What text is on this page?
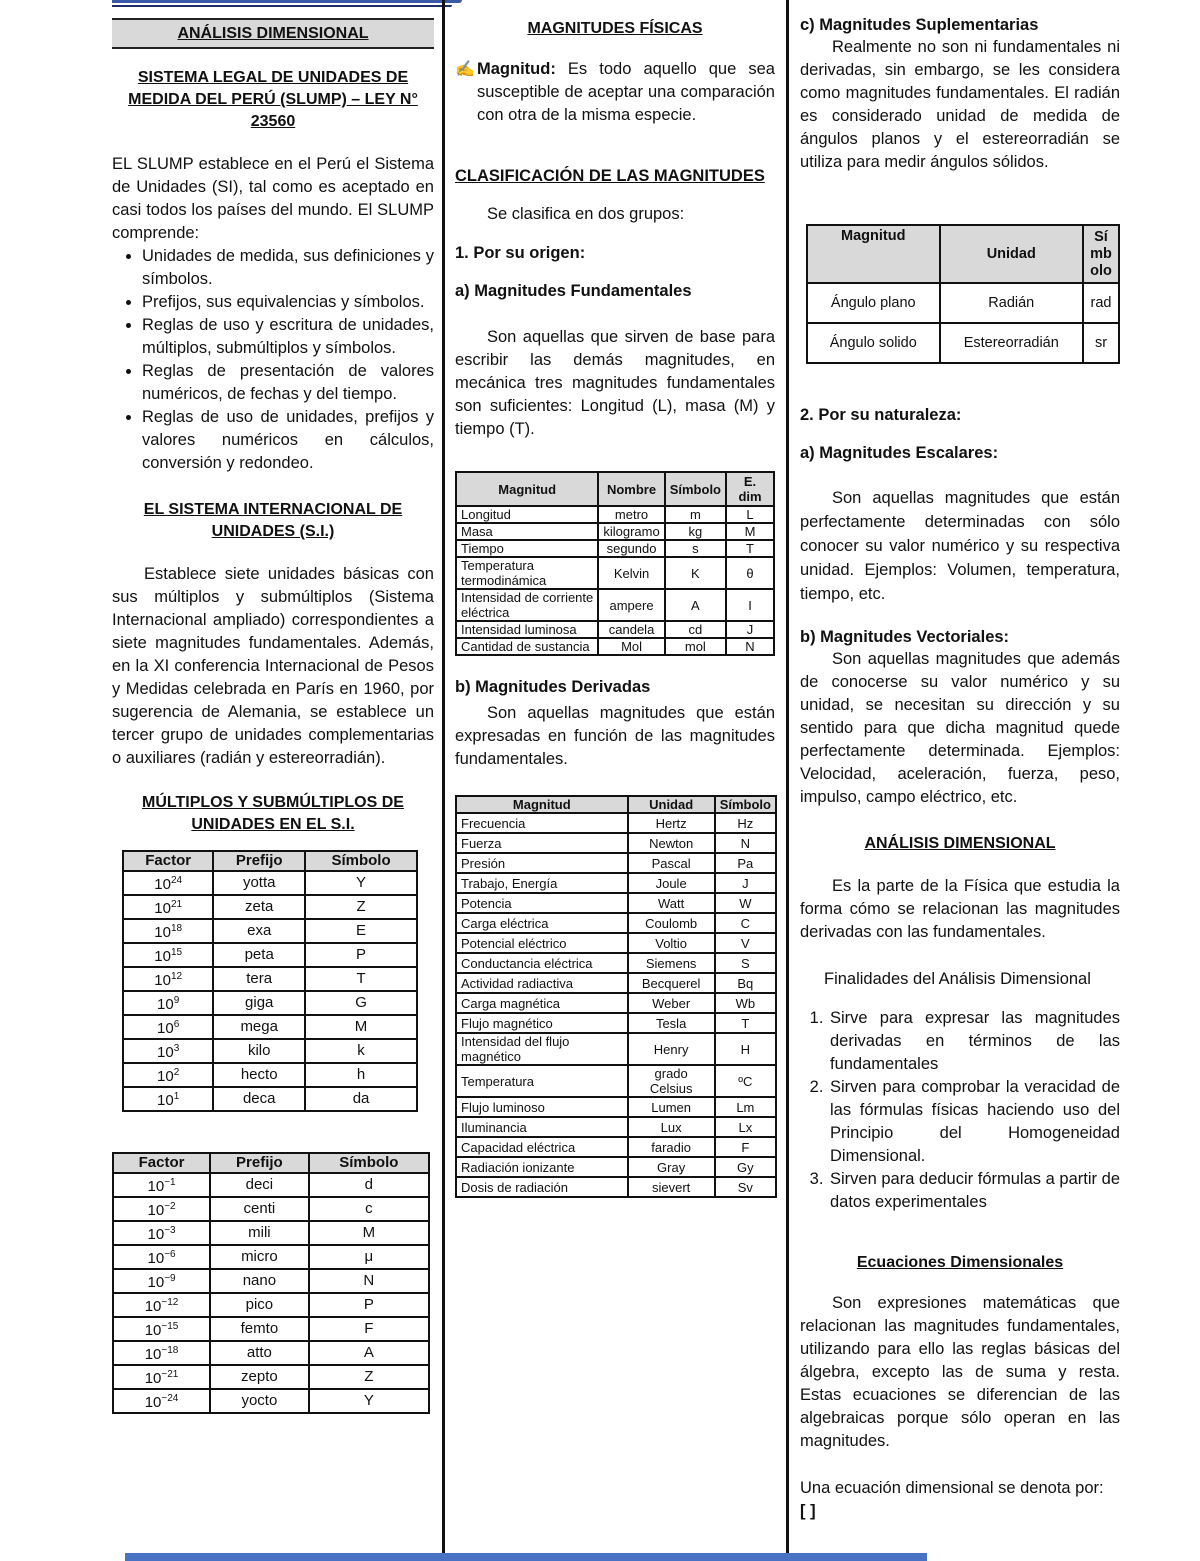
ANÁLISIS DIMENSIONAL
SISTEMA LEGAL DE UNIDADES DE MEDIDA DEL PERÚ (SLUMP) – LEY N° 23560

EL SLUMP establece en el Perú el Sistema de Unidades (SI), tal como es aceptado en casi todos los países del mundo. El SLUMP comprende:

• Unidades de medida, sus definiciones y símbolos.
• Prefijos, sus equivalencias y símbolos.
• Reglas de uso y escritura de unidades, múltiplos, submúltiplos y símbolos.
• Reglas de presentación de valores numéricos, de fechas y del tiempo.
• Reglas de uso de unidades, prefijos y valores numéricos en cálculos, conversión y redondeo.
EL SISTEMA INTERNACIONAL DE UNIDADES (S.I.)

Establece siete unidades básicas con sus múltiplos y submúltiplos (Sistema Internacional ampliado) correspondientes a siete magnitudes fundamentales. Además, en la XI conferencia Internacional de Pesos y Medidas celebrada en París en 1960, por sugerencia de Alemania, se establece un tercer grupo de unidades complementarias o auxiliares (radián y estereorradián).

MÚLTIPLOS Y SUBMÚLTIPLOS DE UNIDADES EN EL S.I.
Factor	Prefijo	Símbolo
$10^{24}$	yotta	Y
$10^{21}$	zeta	Z
$10^{18}$	exa	E
$10^{15}$	peta	P
$10^{12}$	tera	T
$10^9$	giga	G
$10^6$	mega	M
$10^3$	kilo	k
$10^2$	hecto	h
$10^1$	deca	da
Factor	Prefijo	Símbolo
$10^{-1}$	deci	d
$10^{-2}$	centi	c
$10^{-3}$	mili	M
$10^{-6}$	micro	μ
$10^{-9}$	nano	N
$10^{-12}$	pico	P
$10^{-15}$	femto	F
$10^{-18}$	atto	A
$10^{-21}$	zepto	Z
$10^{-24}$	yocto	Y
MAGNITUDES FÍSICAS
✍ Magnitud: Es todo aquello que sea susceptible de aceptar una comparación con otra de la misma especie.

CLASIFICACIÓN DE LAS MAGNITUDES

Se clasifica en dos grupos:

1. Por su origen:
a) Magnitudes Fundamentales

Son aquellas que sirven de base para escribir las demás magnitudes, en mecánica tres magnitudes fundamentales son suficientes: Longitud (L), masa (M) y tiempo (T).

Magnitud	Nombre	Símbolo	E. dim
Longitud	metro	m	L
Masa	kilogramo	kg	M
Tiempo	segundo	s	T
Temperatura termodinámica	Kelvin	K	θ
Intensidad de corriente eléctrica	ampere	A	I
Intensidad luminosa	candela	cd	J
Cantidad de sustancia	Mol	mol	N
b) Magnitudes Derivadas

Son aquellas magnitudes que están expresadas en función de las magnitudes fundamentales.

Magnitud	Unidad	Símbolo
Frecuencia	Hertz	Hz
Fuerza	Newton	N
Presión	Pascal	Pa
Trabajo, Energía	Joule	J
Potencia	Watt	W
Carga eléctrica	Coulomb	C
Potencial eléctrico	Voltio	V
Conductancia eléctrica	Siemens	S
Actividad radiactiva	Becquerel	Bq
Carga magnética	Weber	Wb
Flujo magnético	Tesla	T
Intensidad del flujo magnético	Henry	H
Temperatura	grado Celsius	ºC
Flujo luminoso	Lumen	Lm
Iluminancia	Lux	Lx
Capacidad eléctrica	faradio	F
Radiación ionizante	Gray	Gy
Dosis de radiación	sievert	Sv
c) Magnitudes Suplementarias

Realmente no son ni fundamentales ni derivadas, sin embargo, se les considera como magnitudes fundamentales. El radián es considerado unidad de medida de ángulos planos y el estereorradián se utiliza para medir ángulos sólidos.

Magnitud	Unidad	Símbolo
Ángulo plano	Radián	rad
Ángulo solido	Estereorradián	sr
2. Por su naturaleza:
a) Magnitudes Escalares:

Son aquellas magnitudes que están perfectamente determinadas con sólo conocer su valor numérico y su respectiva unidad. Ejemplos: Volumen, temperatura, tiempo, etc.

b) Magnitudes Vectoriales:

Son aquellas magnitudes que además de conocerse su valor numérico y su unidad, se necesitan su dirección y su sentido para que dicha magnitud quede perfectamente determinada. Ejemplos: Velocidad, aceleración, fuerza, peso, impulso, campo eléctrico, etc.

ANÁLISIS DIMENSIONAL

Es la parte de la Física que estudia la forma cómo se relacionan las magnitudes derivadas con las fundamentales.

Finalidades del Análisis Dimensional
1. Sirve para expresar las magnitudes derivadas en términos de las fundamentales
2. Sirven para comprobar la veracidad de las fórmulas físicas haciendo uso del Principio del Homogeneidad Dimensional.
3. Sirven para deducir fórmulas a partir de datos experimentales
Ecuaciones Dimensionales

Son expresiones matemáticas que relacionan las magnitudes fundamentales, utilizando para ello las reglas básicas del álgebra, excepto las de suma y resta. Estas ecuaciones se diferencian de las algebraicas porque sólo operan en las magnitudes.

Una ecuación dimensional se denota por:

[ ]
